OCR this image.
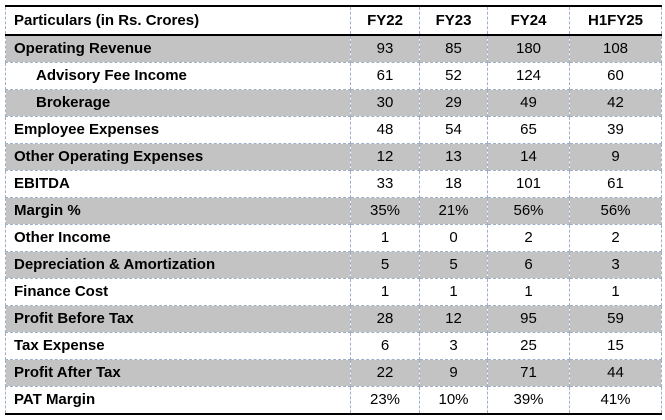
Particulars (in Rs. Crores)	FY22	FY23	FY24	H1FY25
Operating Revenue	93	85	180	108
Advisory Fee Income	61	52	124	60
Brokerage	30	29	49	42
Employee Expenses	48	54	65	39
Other Operating Expenses	12	13	14	9
EBITDA	33	18	101	61
Margin %	35%	21%	56%	56%
Other Income	1	0	2	2
Depreciation & Amortization	5	5	6	3
Finance Cost	1	1	1	1
Profit Before Tax	28	12	95	59
Tax Expense	6	3	25	15
Profit After Tax	22	9	71	44
PAT Margin	23%	10%	39%	41%
